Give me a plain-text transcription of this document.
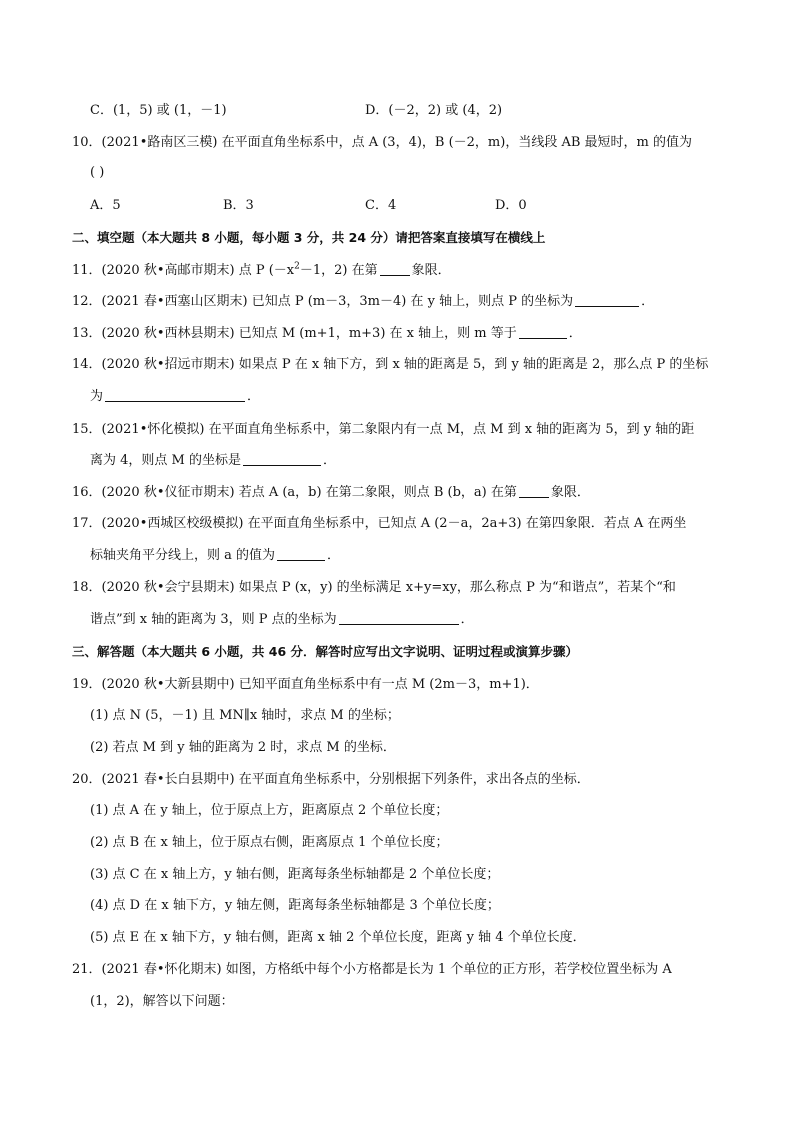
C．(1，5) 或 (1，－1)	D．(－2，2) 或 (4，2)
10．(2021•路南区三模) 在平面直角坐标系中，点 A (3，4)，B (－2，m)，当线段 AB 最短时，m 的值为
( )
A．5	B．3	C．4	D．0
二、填空题（本大题共 8 小题，每小题 3 分，共 24 分）请把答案直接填写在横线上
11．(2020 秋•高邮市期末) 点 P ($-x^2-1$，2) 在第	象限．
12．(2021 春•西塞山区期末) 已知点 P (m－3，3m－4) 在 y 轴上，则点 P 的坐标为	．
13．(2020 秋•西林县期末) 已知点 M (m+1，m+3) 在 x 轴上，则 m 等于	．
14．(2020 秋•招远市期末) 如果点 P 在 x 轴下方，到 x 轴的距离是 5，到 y 轴的距离是 2，那么点 P 的坐标
为	．
15．(2021•怀化模拟) 在平面直角坐标系中，第二象限内有一点 M，点 M 到 x 轴的距离为 5，到 y 轴的距
离为 4，则点 M 的坐标是	．
16．(2020 秋•仪征市期末) 若点 A (a，b) 在第二象限，则点 B (b，a) 在第	象限．
17．(2020•西城区校级模拟) 在平面直角坐标系中，已知点 A (2－a，2a+3) 在第四象限．若点 A 在两坐
标轴夹角平分线上，则 a 的值为	．
18．(2020 秋•会宁县期末) 如果点 P (x，y) 的坐标满足 x+y=xy，那么称点 P 为“和谐点”，若某个“和
谐点”到 x 轴的距离为 3，则 P 点的坐标为	．
三、解答题（本大题共 6 小题，共 46 分．解答时应写出文字说明、证明过程或演算步骤）
19．(2020 秋•大新县期中) 已知平面直角坐标系中有一点 M (2m－3，m+1)．
(1) 点 N (5，－1) 且 MN∥x 轴时，求点 M 的坐标；
(2) 若点 M 到 y 轴的距离为 2 时，求点 M 的坐标．
20．(2021 春•长白县期中) 在平面直角坐标系中，分别根据下列条件，求出各点的坐标．
(1) 点 A 在 y 轴上，位于原点上方，距离原点 2 个单位长度；
(2) 点 B 在 x 轴上，位于原点右侧，距离原点 1 个单位长度；
(3) 点 C 在 x 轴上方，y 轴右侧，距离每条坐标轴都是 2 个单位长度；
(4) 点 D 在 x 轴下方，y 轴左侧，距离每条坐标轴都是 3 个单位长度；
(5) 点 E 在 x 轴下方，y 轴右侧，距离 x 轴 2 个单位长度，距离 y 轴 4 个单位长度．
21．(2021 春•怀化期末) 如图，方格纸中每个小方格都是长为 1 个单位的正方形，若学校位置坐标为 A
(1，2)，解答以下问题：
